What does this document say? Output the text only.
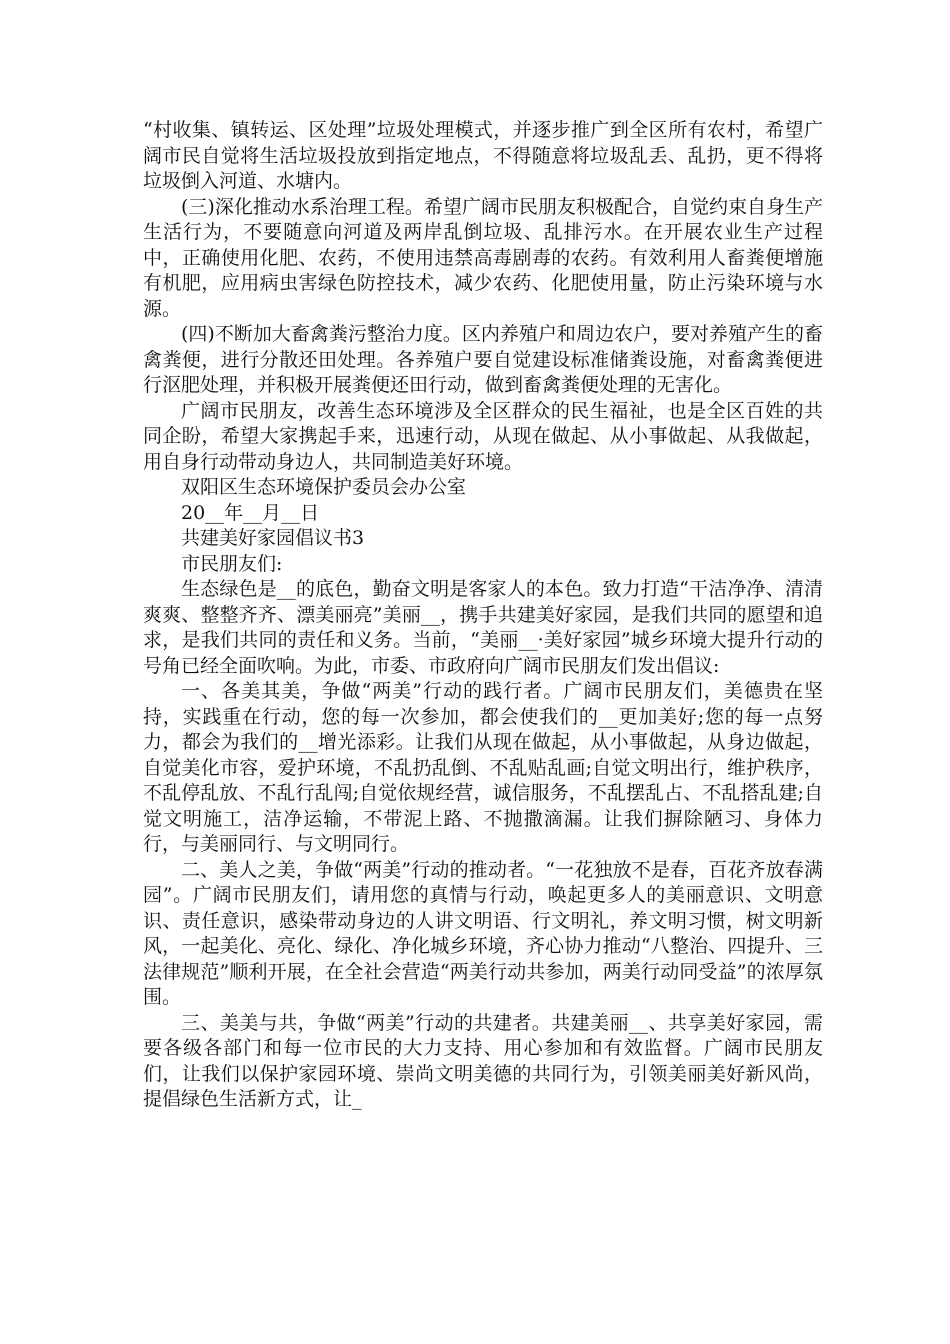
“村收集、镇转运、区处理”垃圾处理模式，并逐步推广到全区所有农村，希望广阔市民自觉将生活垃圾投放到指定地点，不得随意将垃圾乱丢、乱扔，更不得将垃圾倒入河道、水塘内。

(三)深化推动水系治理工程。希望广阔市民朋友积极配合，自觉约束自身生产生活行为，不要随意向河道及两岸乱倒垃圾、乱排污水。在开展农业生产过程中，正确使用化肥、农药，不使用违禁高毒剧毒的农药。有效利用人畜粪便增施有机肥，应用病虫害绿色防控技术，减少农药、化肥使用量，防止污染环境与水源。

(四)不断加大畜禽粪污整治力度。区内养殖户和周边农户，要对养殖产生的畜禽粪便，进行分散还田处理。各养殖户要自觉建设标准储粪设施，对畜禽粪便进行沤肥处理，并积极开展粪便还田行动，做到畜禽粪便处理的无害化。

广阔市民朋友，改善生态环境涉及全区群众的民生福祉，也是全区百姓的共同企盼，希望大家携起手来，迅速行动，从现在做起、从小事做起、从我做起，用自身行动带动身边人，共同制造美好环境。

双阳区生态环境保护委员会办公室

20__年__月__日

共建美好家园倡议书3

市民朋友们:

生态绿色是__的底色，勤奋文明是客家人的本色。致力打造“干洁净净、清清爽爽、整整齐齐、漂美丽亮”美丽__，携手共建美好家园，是我们共同的愿望和追求，是我们共同的责任和义务。当前，“美丽__·美好家园”城乡环境大提升行动的号角已经全面吹响。为此，市委、市政府向广阔市民朋友们发出倡议:

一、各美其美，争做“两美”行动的践行者。广阔市民朋友们，美德贵在坚持，实践重在行动，您的每一次参加，都会使我们的__更加美好;您的每一点努力，都会为我们的__增光添彩。让我们从现在做起，从小事做起，从身边做起，自觉美化市容，爱护环境，不乱扔乱倒、不乱贴乱画;自觉文明出行，维护秩序，不乱停乱放、不乱行乱闯;自觉依规经营，诚信服务，不乱摆乱占、不乱搭乱建;自觉文明施工，洁净运输，不带泥上路、不抛撒滴漏。让我们摒除陋习、身体力行，与美丽同行、与文明同行。

二、美人之美，争做“两美”行动的推动者。“一花独放不是春，百花齐放春满园”。广阔市民朋友们，请用您的真情与行动，唤起更多人的美丽意识、文明意识、责任意识，感染带动身边的人讲文明语、行文明礼，养文明习惯，树文明新风，一起美化、亮化、绿化、净化城乡环境，齐心协力推动“八整治、四提升、三法律规范”顺利开展，在全社会营造“两美行动共参加，两美行动同受益”的浓厚氛围。

三、美美与共，争做“两美”行动的共建者。共建美丽__、共享美好家园，需要各级各部门和每一位市民的大力支持、用心参加和有效监督。广阔市民朋友们，让我们以保护家园环境、崇尚文明美德的共同行为，引领美丽美好新风尚，提倡绿色生活新方式，让_
